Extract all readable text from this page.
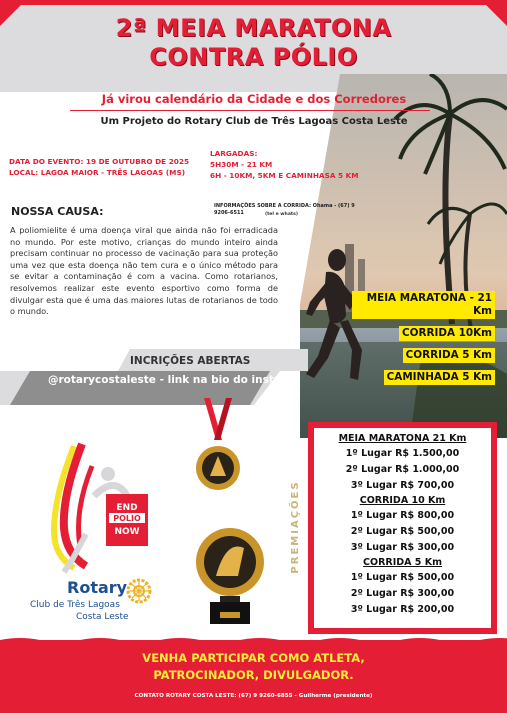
2ª MEIA MARATONA
CONTRA PÓLIO
Já virou calendário da Cidade e dos Corredores
Um Projeto do Rotary Club de Três Lagoas Costa Leste
DATA DO EVENTO: 19 DE OUTUBRO DE 2025
LOCAL: LAGOA MAIOR - TRÊS LAGOAS (MS)
LARGADAS:
5H30M - 21 KM
6H - 10KM, 5KM E CAMINHASA 5 KM
NOSSA CAUSA:	INFORMAÇÕES SOBRE A CORRIDA: Ohama - (67) 9 9206-6511	(tel e whats)

A poliomielite é uma doença viral que ainda não foi erradicada no mundo. Por este motivo, crianças do mundo inteiro ainda precisam continuar no processo de vacinação para sua proteção uma vez que esta doença não tem cura e o único método para se evitar a contaminação é com a vacina. Como rotarianos, resolvemos realizar este evento esportivo como forma de divulgar esta que é uma das maiores lutas de rotarianos de todo o mundo.

MEIA MARATONA - 21 Km
CORRIDA 10Km
CORRIDA 5 Km
CAMINHADA 5 Km
INCRIÇÕES ABERTAS
@rotarycostaleste - link na bio do insta
END
POLIO
NOW
Rotary
Club de Três Lagoas
Costa Leste
PREMIAÇÕES
MEIA MARATONA 21 Km
1º Lugar R$ 1.500,00
2º Lugar R$ 1.000,00
3º Lugar R$ 700,00
CORRIDA 10 Km
1º Lugar R$ 800,00
2º Lugar R$ 500,00
3º Lugar R$ 300,00
CORRIDA 5 Km
1º Lugar R$ 500,00
2º Lugar R$ 300,00
3º Lugar R$ 200,00
VENHA PARTICIPAR COMO ATLETA,
PATROCINADOR, DIVULGADOR.
CONTATO ROTARY COSTA LESTE: (67) 9 9260-6855 - Guilherme (presidente)
